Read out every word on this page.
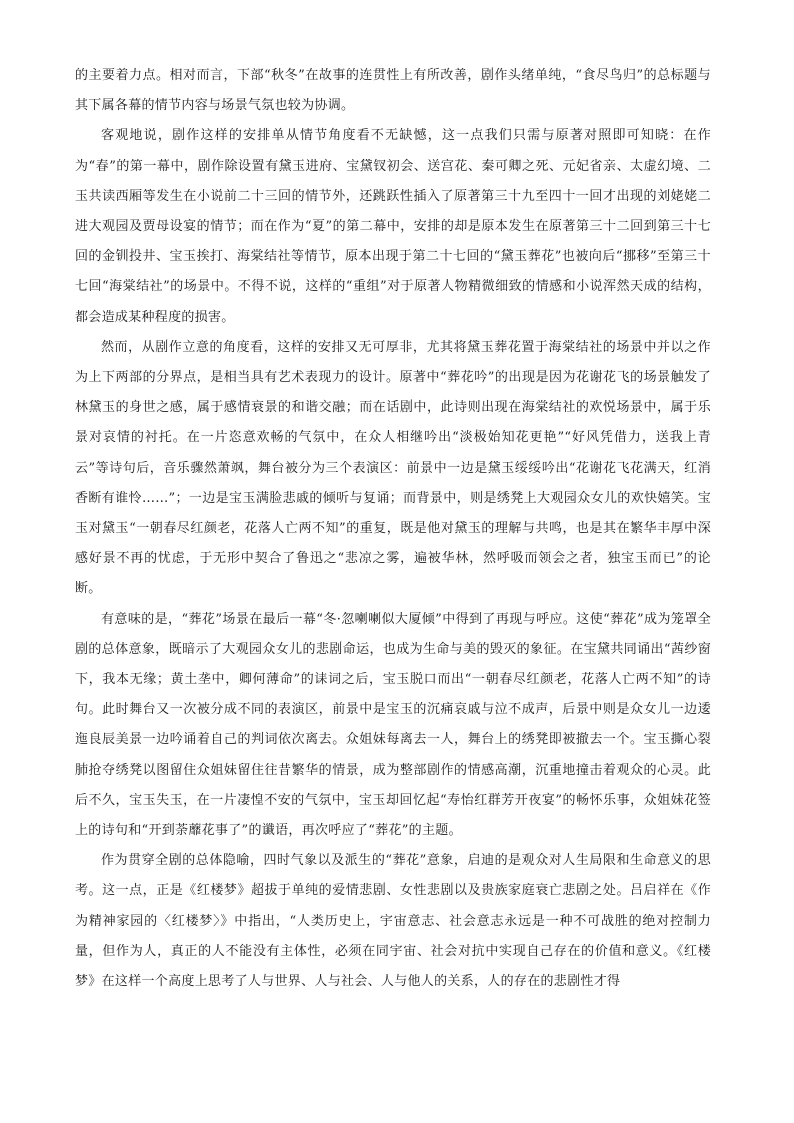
的主要着力点。相对而言，下部“秋冬”在故事的连贯性上有所改善，剧作头绪单纯，“食尽鸟归”的总标题与其下属各幕的情节内容与场景气氛也较为协调。

客观地说，剧作这样的安排单从情节角度看不无缺憾，这一点我们只需与原著对照即可知晓：在作为“春”的第一幕中，剧作除设置有黛玉进府、宝黛钗初会、送宫花、秦可卿之死、元妃省亲、太虚幻境、二玉共读西厢等发生在小说前二十三回的情节外，还跳跃性插入了原著第三十九至四十一回才出现的刘姥姥二进大观园及贾母设宴的情节；而在作为“夏”的第二幕中，安排的却是原本发生在原著第三十二回到第三十七回的金钏投井、宝玉挨打、海棠结社等情节，原本出现于第二十七回的“黛玉葬花”也被向后“挪移”至第三十七回“海棠结社”的场景中。不得不说，这样的“重组”对于原著人物精微细致的情感和小说浑然天成的结构，都会造成某种程度的损害。

然而，从剧作立意的角度看，这样的安排又无可厚非，尤其将黛玉葬花置于海棠结社的场景中并以之作为上下两部的分界点，是相当具有艺术表现力的设计。原著中“葬花吟”的出现是因为花谢花飞的场景触发了林黛玉的身世之感，属于感情衰景的和谐交融；而在话剧中，此诗则出现在海棠结社的欢悦场景中，属于乐景对哀情的衬托。在一片恣意欢畅的气氛中，在众人相继吟出“淡极始知花更艳”“好风凭借力，送我上青云”等诗句后，音乐骤然萧飒，舞台被分为三个表演区：前景中一边是黛玉绥绥吟出“花谢花飞花满天，红消香断有谁怜……”；一边是宝玉满脸悲戚的倾听与复诵；而背景中，则是绣凳上大观园众女儿的欢快嬉笑。宝玉对黛玉“一朝春尽红颜老，花落人亡两不知”的重复，既是他对黛玉的理解与共鸣，也是其在繁华丰厚中深感好景不再的忧虑，于无形中契合了鲁迅之“悲凉之雾，遍被华林，然呼吸而领会之者，独宝玉而已”的论断。

有意味的是，“葬花”场景在最后一幕“冬·忽喇喇似大厦倾”中得到了再现与呼应。这使“葬花”成为笼罩全剧的总体意象，既暗示了大观园众女儿的悲剧命运，也成为生命与美的毁灭的象征。在宝黛共同诵出“茜纱窗下，我本无缘；黄土垄中，卿何薄命”的诔词之后，宝玉脱口而出“一朝春尽红颜老，花落人亡两不知”的诗句。此时舞台又一次被分成不同的表演区，前景中是宝玉的沉痛哀戚与泣不成声，后景中则是众女儿一边逶迤良辰美景一边吟诵着自己的判词依次离去。众姐妹每离去一人，舞台上的绣凳即被撤去一个。宝玉撕心裂肺抢夺绣凳以图留住众姐妹留住往昔繁华的情景，成为整部剧作的情感高潮，沉重地撞击着观众的心灵。此后不久，宝玉失玉，在一片凄惶不安的气氛中，宝玉却回忆起“寿怡红群芳开夜宴”的畅怀乐事，众姐妹花签上的诗句和“开到荼蘼花事了”的谶语，再次呼应了“葬花”的主题。

作为贯穿全剧的总体隐喻，四时气象以及派生的“葬花”意象，启迪的是观众对人生局限和生命意义的思考。这一点，正是《红楼梦》超拔于单纯的爱情悲剧、女性悲剧以及贵族家庭衰亡悲剧之处。吕启祥在《作为精神家园的〈红楼梦〉》中指出，“人类历史上，宇宙意志、社会意志永远是一种不可战胜的绝对控制力量，但作为人，真正的人不能没有主体性，必须在同宇宙、社会对抗中实现自己存在的价值和意义。《红楼梦》在这样一个高度上思考了人与世界、人与社会、人与他人的关系，人的存在的悲剧性才得
